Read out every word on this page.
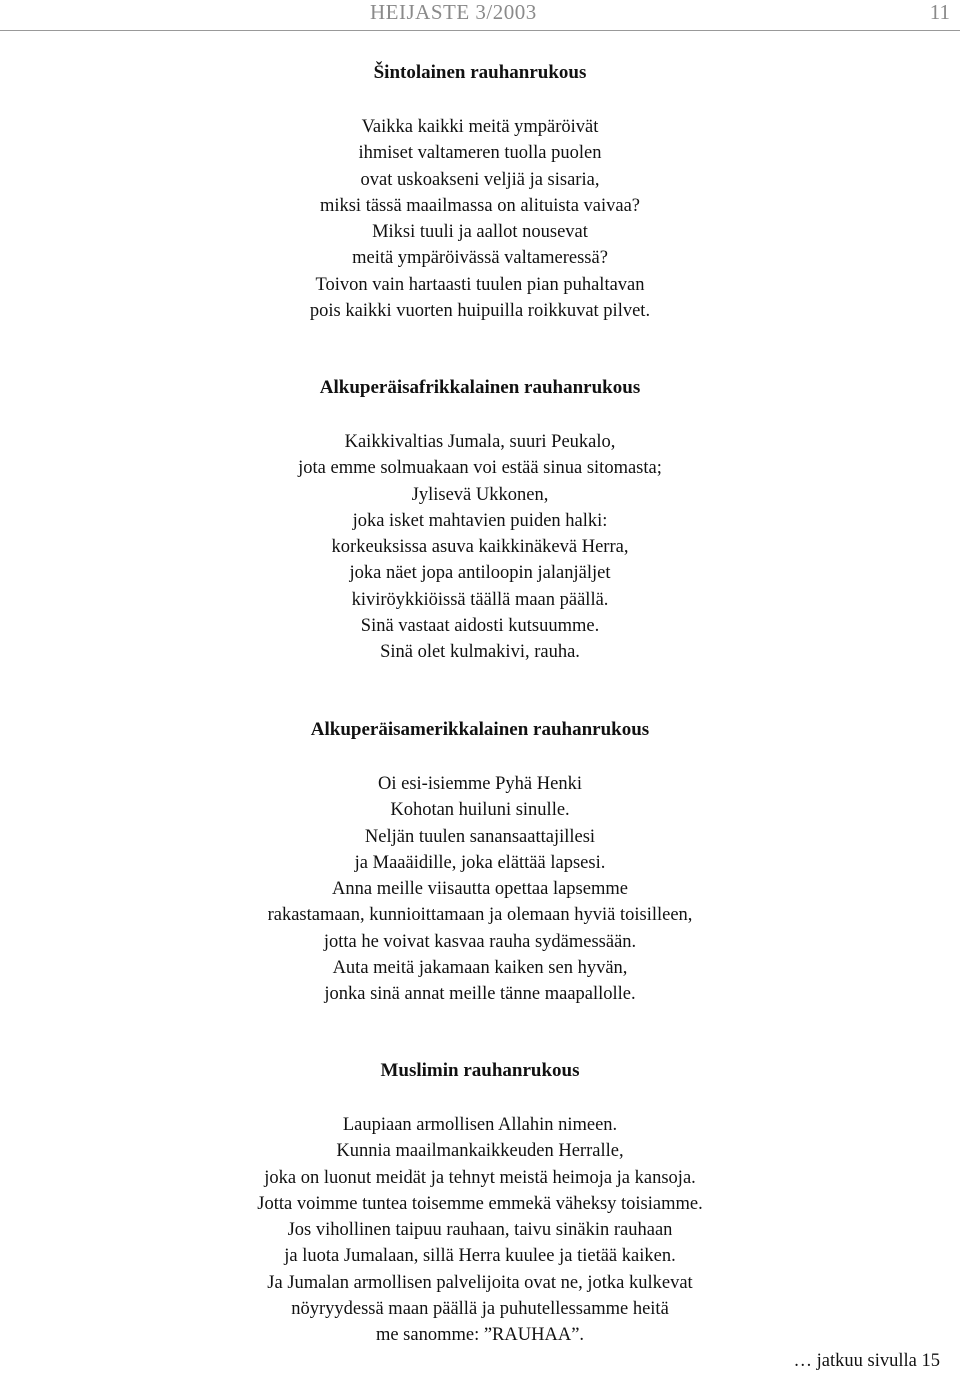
HEIJASTE 3/2003	11
Šintolainen rauhanrukous
Vaikka kaikki meitä ympäröivät
ihmiset valtameren tuolla puolen
ovat uskoakseni veljiä ja sisaria,
miksi tässä maailmassa on alituista vaivaa?
Miksi tuuli ja aallot nousevat
meitä ympäröivässä valtameressä?
Toivon vain hartaasti tuulen pian puhaltavan
pois kaikki vuorten huipuilla roikkuvat pilvet.
Alkuperäisafrikkalainen rauhanrukous
Kaikkivaltias Jumala, suuri Peukalo,
jota emme solmuakaan voi estää sinua sitomasta;
Jylisevä Ukkonen,
joka isket mahtavien puiden halki:
korkeuksissa asuva kaikkinäkevä Herra,
joka näet jopa antiloopin jalanjäljet
kiviröykkiöissä täällä maan päällä.
Sinä vastaat aidosti kutsuumme.
Sinä olet kulmakivi, rauha.
Alkuperäisamerikkalainen rauhanrukous
Oi esi-isiemme Pyhä Henki
Kohotan huiluni sinulle.
Neljän tuulen sanansaattajillesi
ja Maaäidille, joka elättää lapsesi.
Anna meille viisautta opettaa lapsemme
rakastamaan, kunnioittamaan ja olemaan hyviä toisilleen,
jotta he voivat kasvaa rauha sydämessään.
Auta meitä jakamaan kaiken sen hyvän,
jonka sinä annat meille tänne maapallolle.
Muslimin rauhanrukous
Laupiaan armollisen Allahin nimeen.
Kunnia maailmankaikkeuden Herralle,
joka on luonut meidät ja tehnyt meistä heimoja ja kansoja.
Jotta voimme tuntea toisemme emmekä väheksy toisiamme.
Jos vihollinen taipuu rauhaan, taivu sinäkin rauhaan
ja luota Jumalaan, sillä Herra kuulee ja tietää kaiken.
Ja Jumalan armollisen palvelijoita ovat ne, jotka kulkevat
nöyryydessä maan päällä ja puhutellessamme heitä
me sanomme: ”RAUHAA”.
… jatkuu sivulla 15
